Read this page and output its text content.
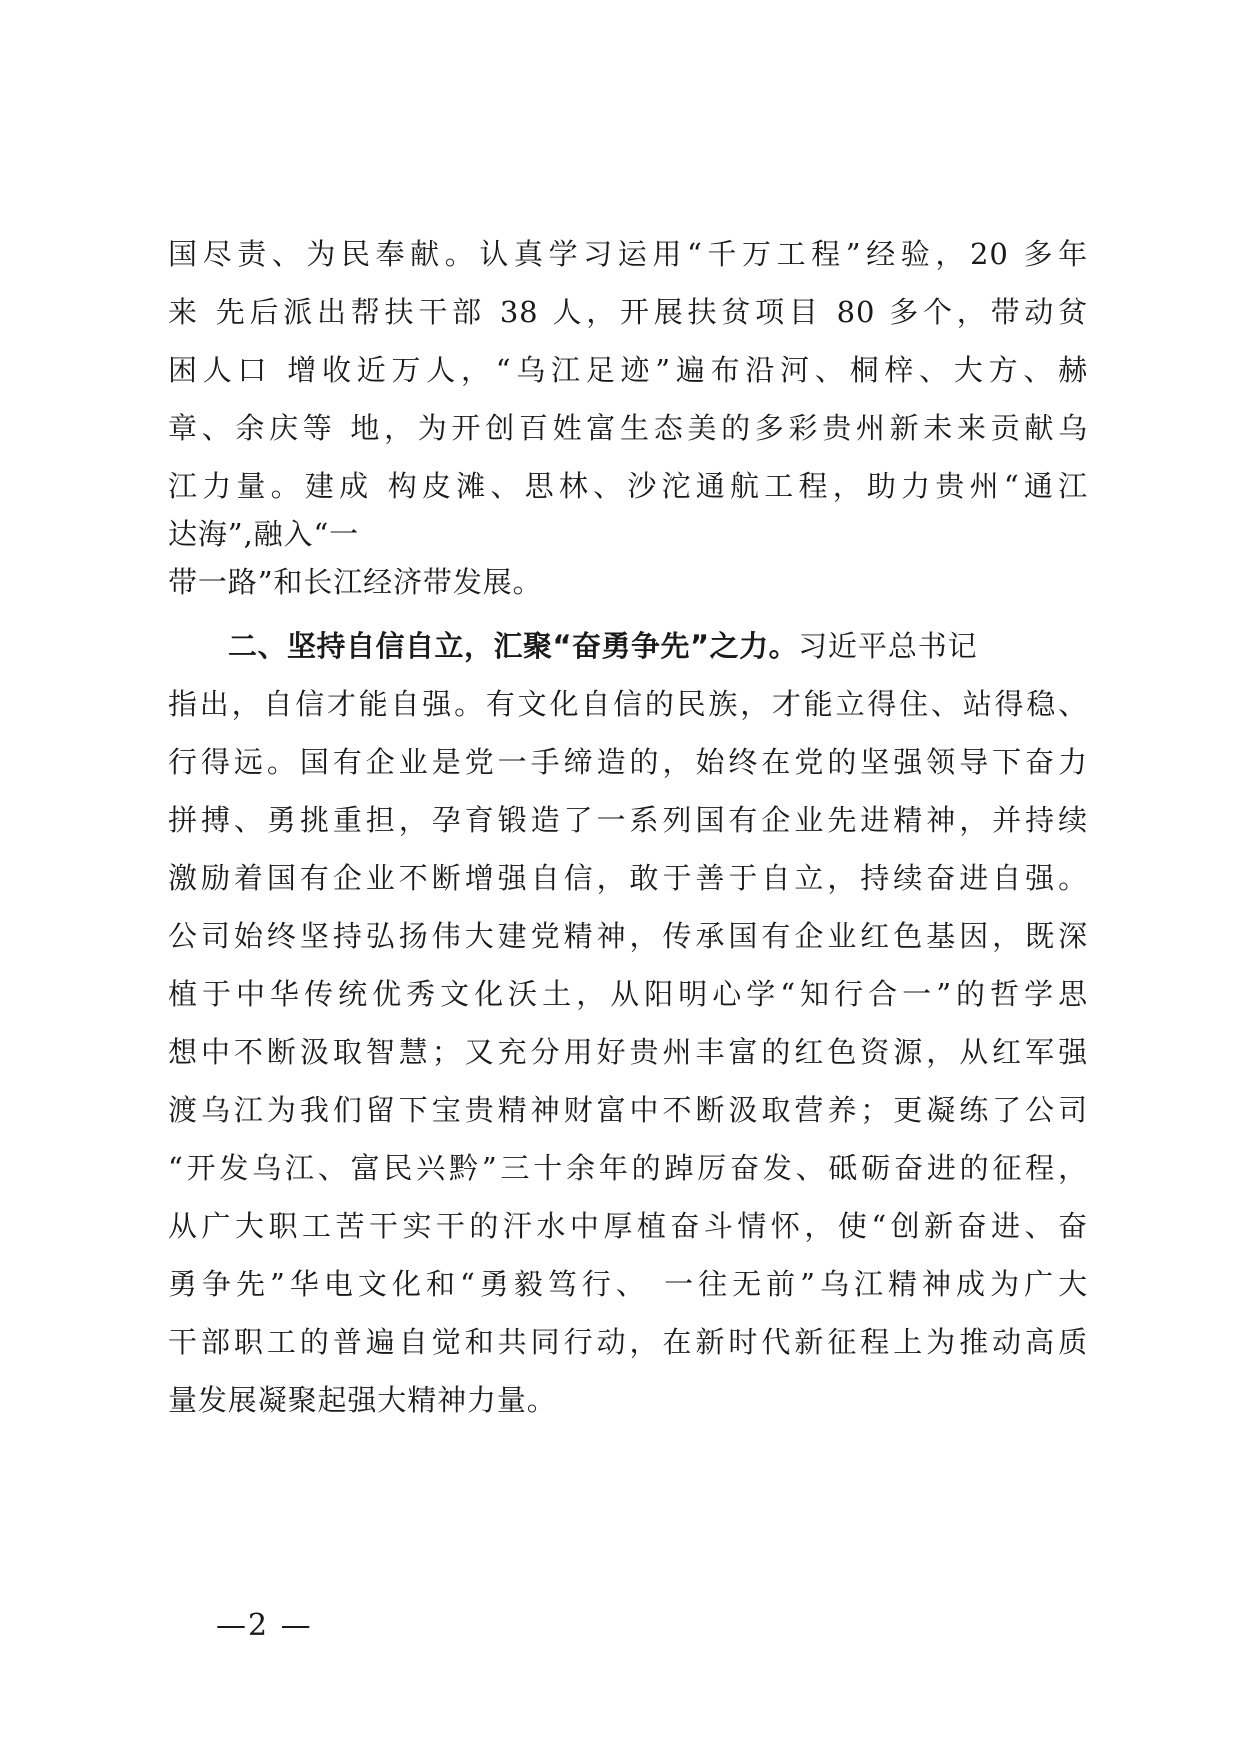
国尽责、为民奉献。认真学习运用“千万工程”经验，20 多年
来 先后派出帮扶干部 38 人，开展扶贫项目 80 多个，带动贫
困人口 增收近万人，“乌江足迹”遍布沿河、桐梓、大方、赫
章、余庆等 地，为开创百姓富生态美的多彩贵州新未来贡献乌
江力量。建成 构皮滩、思林、沙沱通航工程，助力贵州“通江
达海”,融入“一
带一路”和长江经济带发展。
二、坚持自信自立，汇聚“奋勇争先”之力。习近平总书记
指出，自信才能自强。有文化自信的民族，才能立得住、站得稳、
行得远。国有企业是党一手缔造的，始终在党的坚强领导下奋力
拼搏、勇挑重担，孕育锻造了一系列国有企业先进精神，并持续
激励着国有企业不断增强自信，敢于善于自立，持续奋进自强。
公司始终坚持弘扬伟大建党精神，传承国有企业红色基因，既深
植于中华传统优秀文化沃土，从阳明心学“知行合一”的哲学思
想中不断汲取智慧；又充分用好贵州丰富的红色资源，从红军强
渡乌江为我们留下宝贵精神财富中不断汲取营养；更凝练了公司
“开发乌江、富民兴黔”三十余年的踔厉奋发、砥砺奋进的征程，
从广大职工苦干实干的汗水中厚植奋斗情怀，使“创新奋进、奋
勇争先”华电文化和“勇毅笃行、 一往无前”乌江精神成为广大
干部职工的普遍自觉和共同行动，在新时代新征程上为推动高质
量发展凝聚起强大精神力量。
—2 —
